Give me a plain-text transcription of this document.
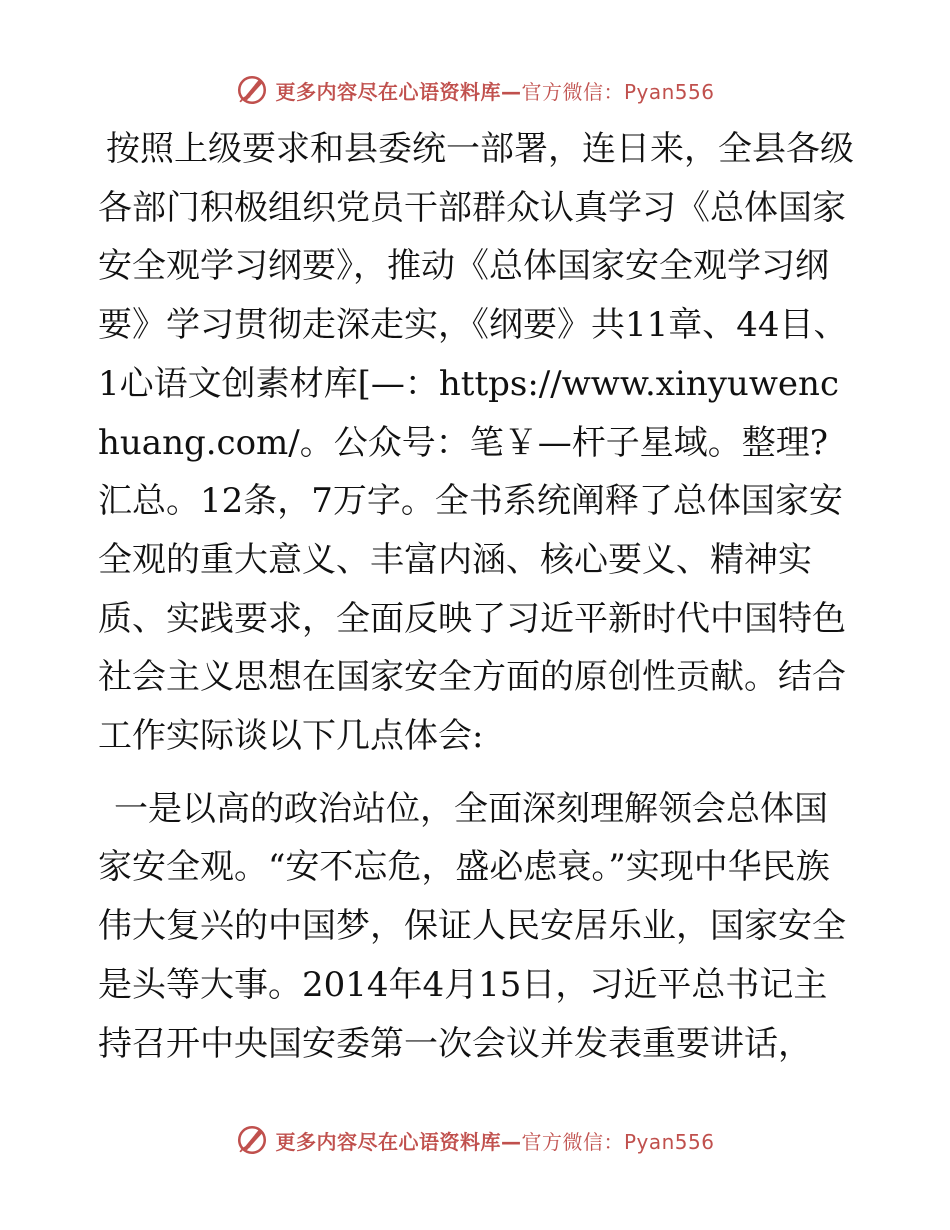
更多内容尽在心语资料库—官方微信：Pyan556

按照上级要求和县委统一部署，连日来，全县各级各部门积极组织党员干部群众认真学习《总体国家安全观学习纲要》，推动《总体国家安全观学习纲要》学习贯彻走深走实，《纲要》共11章、44目、1心语文创素材库[—：https://www.xinyuwenchuang.com/。公众号：笔￥—杆子星域。整理?汇总。12条，7万字。全书系统阐释了总体国家安全观的重大意义、丰富内涵、核心要义、精神实质、实践要求，全面反映了习近平新时代中国特色社会主义思想在国家安全方面的原创性贡献。结合工作实际谈以下几点体会:

一是以高的政治站位，全面深刻理解领会总体国家安全观。“安不忘危，盛必虑衰。”实现中华民族伟大复兴的中国梦，保证人民安居乐业，国家安全是头等大事。2014年4月15日，习近平总书记主持召开中央国安委第一次会议并发表重要讲话，

更多内容尽在心语资料库—官方微信：Pyan556
